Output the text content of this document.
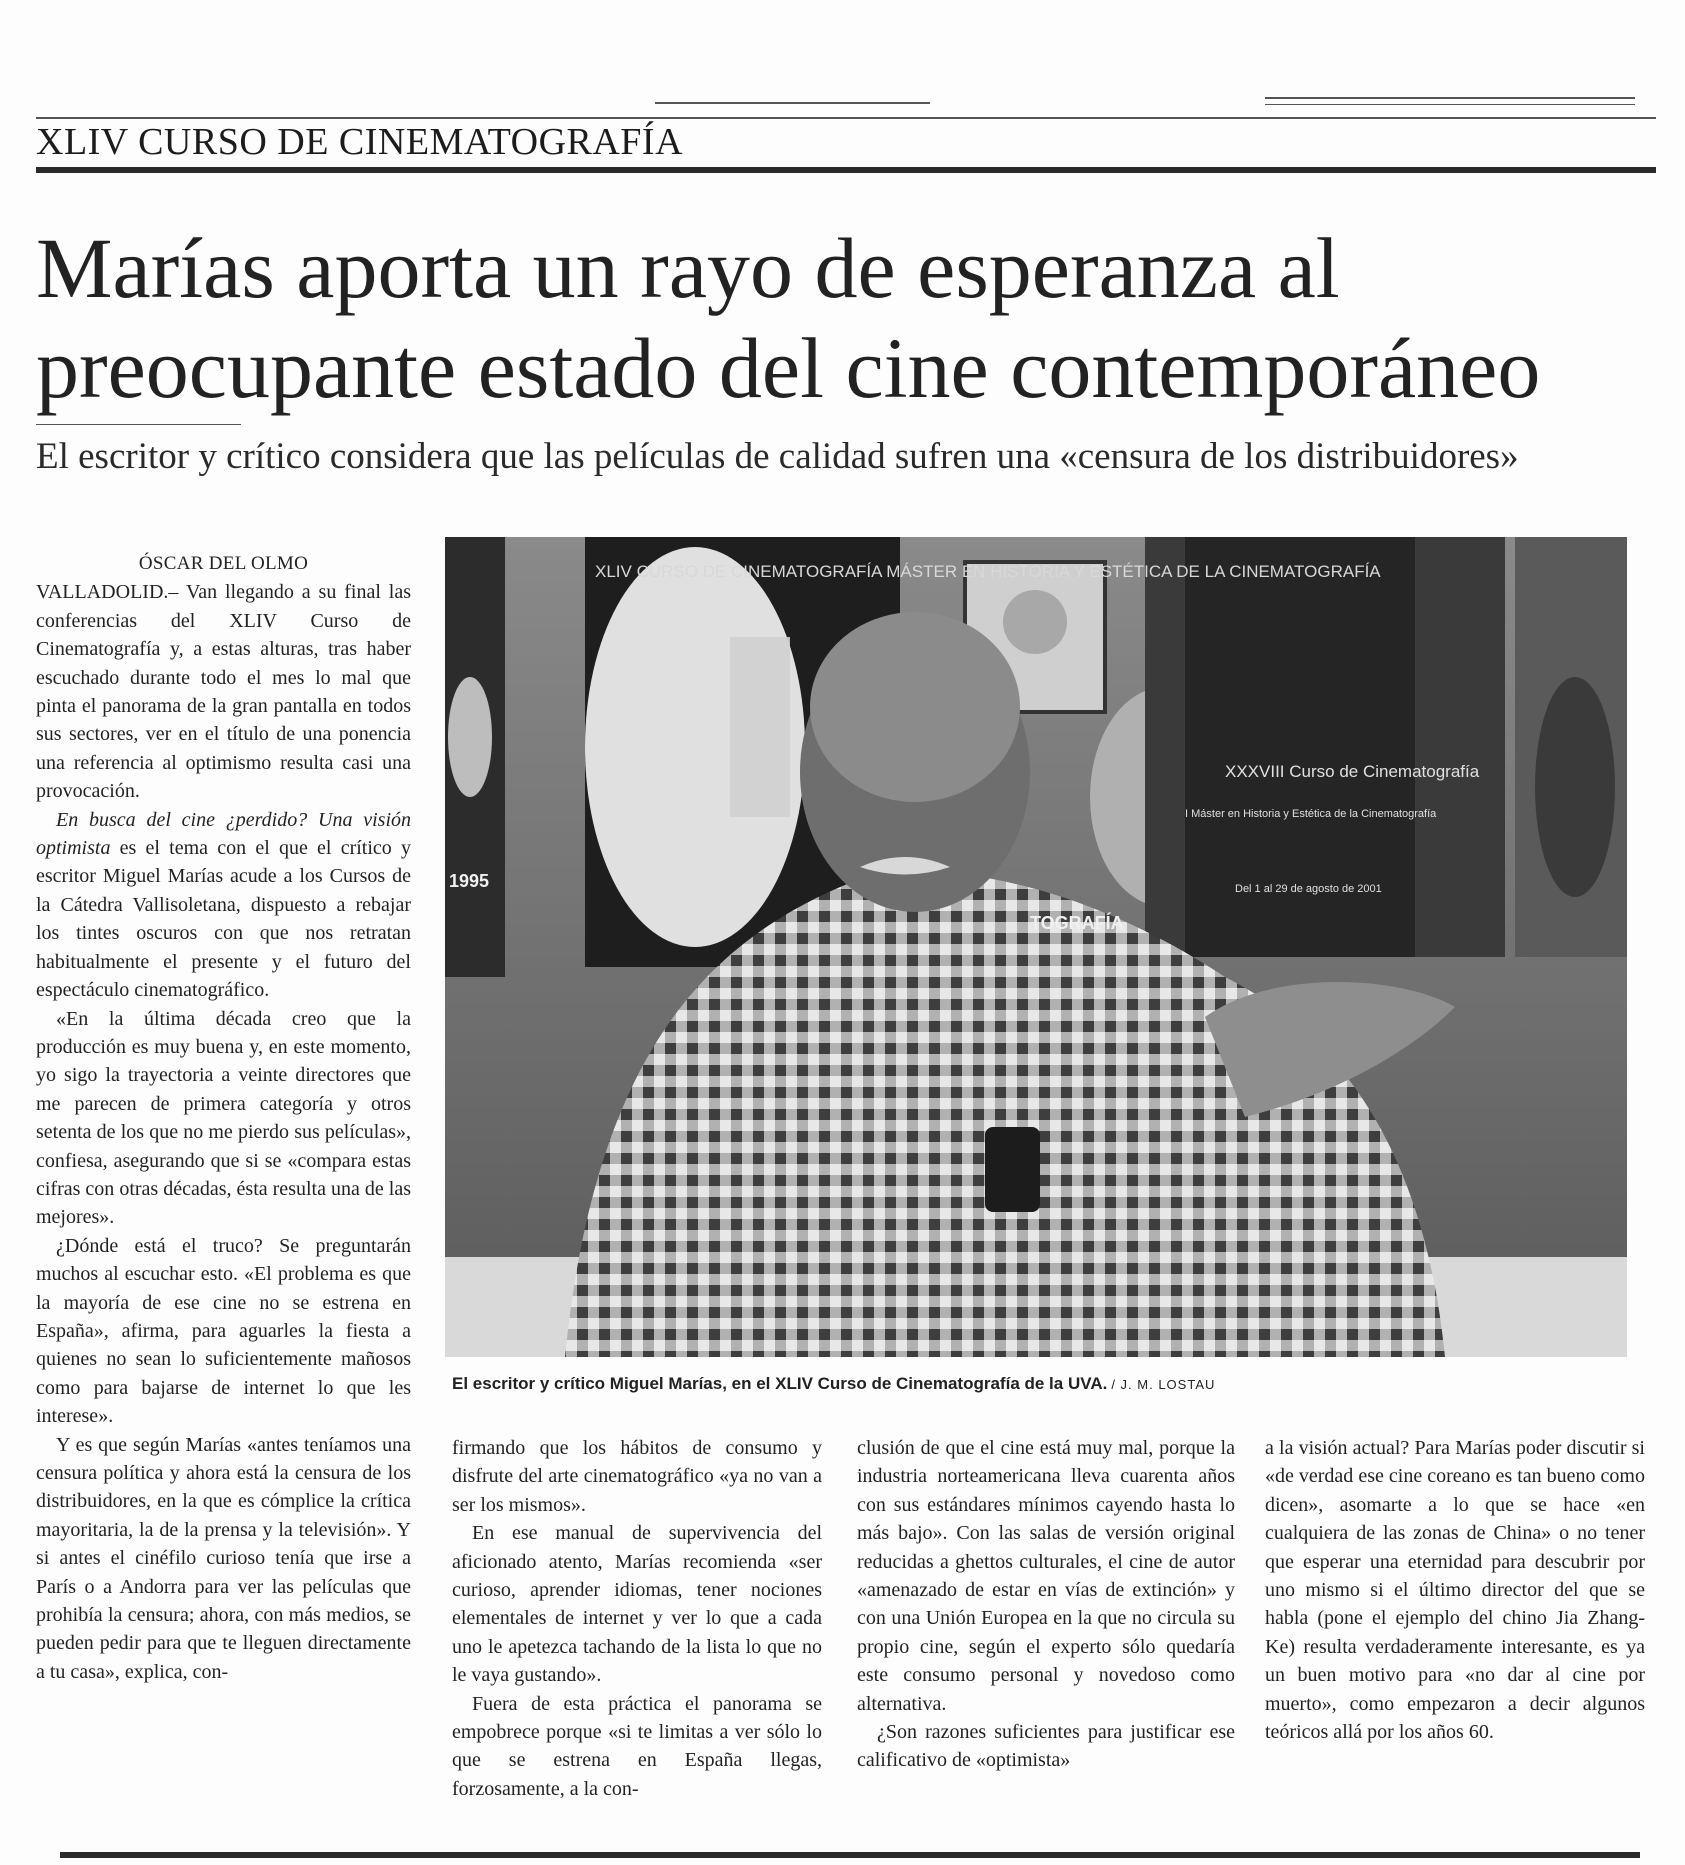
XLIV CURSO DE CINEMATOGRAFÍA
Marías aporta un rayo de esperanza al
preocupante estado del cine contemporáneo
El escritor y crítico considera que las películas de calidad sufren una «censura de los distribuidores»

ÓSCAR DEL OLMO

VALLADOLID.– Van llegando a su final las conferencias del XLIV Curso de Cinematografía y, a estas alturas, tras haber escuchado durante todo el mes lo mal que pinta el panorama de la gran pantalla en todos sus sectores, ver en el título de una ponencia una referencia al optimismo resulta casi una provocación.

En busca del cine ¿perdido? Una visión optimista es el tema con el que el crítico y escritor Miguel Marías acude a los Cursos de la Cátedra Vallisoletana, dispuesto a rebajar los tintes oscuros con que nos retratan habitualmente el presente y el futuro del espectáculo cinematográfico.

«En la última década creo que la producción es muy buena y, en este momento, yo sigo la trayectoria a veinte directores que me parecen de primera categoría y otros setenta de los que no me pierdo sus películas», confiesa, asegurando que si se «compara estas cifras con otras décadas, ésta resulta una de las mejores».

¿Dónde está el truco? Se preguntarán muchos al escuchar esto. «El problema es que la mayoría de ese cine no se estrena en España», afirma, para aguarles la fiesta a quienes no sean lo suficientemente mañosos como para bajarse de internet lo que les interese».

Y es que según Marías «antes teníamos una censura política y ahora está la censura de los distribuidores, en la que es cómplice la crítica mayoritaria, la de la prensa y la televisión». Y si antes el cinéfilo curioso tenía que irse a París o a Andorra para ver las películas que prohibía la censura; ahora, con más medios, se pueden pedir para que te lleguen directamente a tu casa», explica, con-

XLIV CURSO DE CINEMATOGRAFÍA MÁSTER EN HISTORIA Y ESTÉTICA DE LA CINEMATOGRAFÍA
1995
TOGRAFÍA
XXXVIII Curso de Cinematografía
I Máster en Historia y Estética de la Cinematografía
Del 1 al 29 de agosto de 2001
El escritor y crítico Miguel Marías, en el XLIV Curso de Cinematografía de la UVA. / J. M. LOSTAU

firmando que los hábitos de consumo y disfrute del arte cinematográfico «ya no van a ser los mismos».

En ese manual de supervivencia del aficionado atento, Marías recomienda «ser curioso, aprender idiomas, tener nociones elementales de internet y ver lo que a cada uno le apetezca tachando de la lista lo que no le vaya gustando».

Fuera de esta práctica el panorama se empobrece porque «si te limitas a ver sólo lo que se estrena en España llegas, forzosamente, a la con-

clusión de que el cine está muy mal, porque la industria norteamericana lleva cuarenta años con sus estándares mínimos cayendo hasta lo más bajo». Con las salas de versión original reducidas a ghettos culturales, el cine de autor «amenazado de estar en vías de extinción» y con una Unión Europea en la que no circula su propio cine, según el experto sólo quedaría este consumo personal y novedoso como alternativa.

¿Son razones suficientes para justificar ese calificativo de «optimista»

a la visión actual? Para Marías poder discutir si «de verdad ese cine coreano es tan bueno como dicen», asomarte a lo que se hace «en cualquiera de las zonas de China» o no tener que esperar una eternidad para descubrir por uno mismo si el último director del que se habla (pone el ejemplo del chino Jia Zhang-Ke) resulta verdaderamente interesante, es ya un buen motivo para «no dar al cine por muerto», como empezaron a decir algunos teóricos allá por los años 60.
